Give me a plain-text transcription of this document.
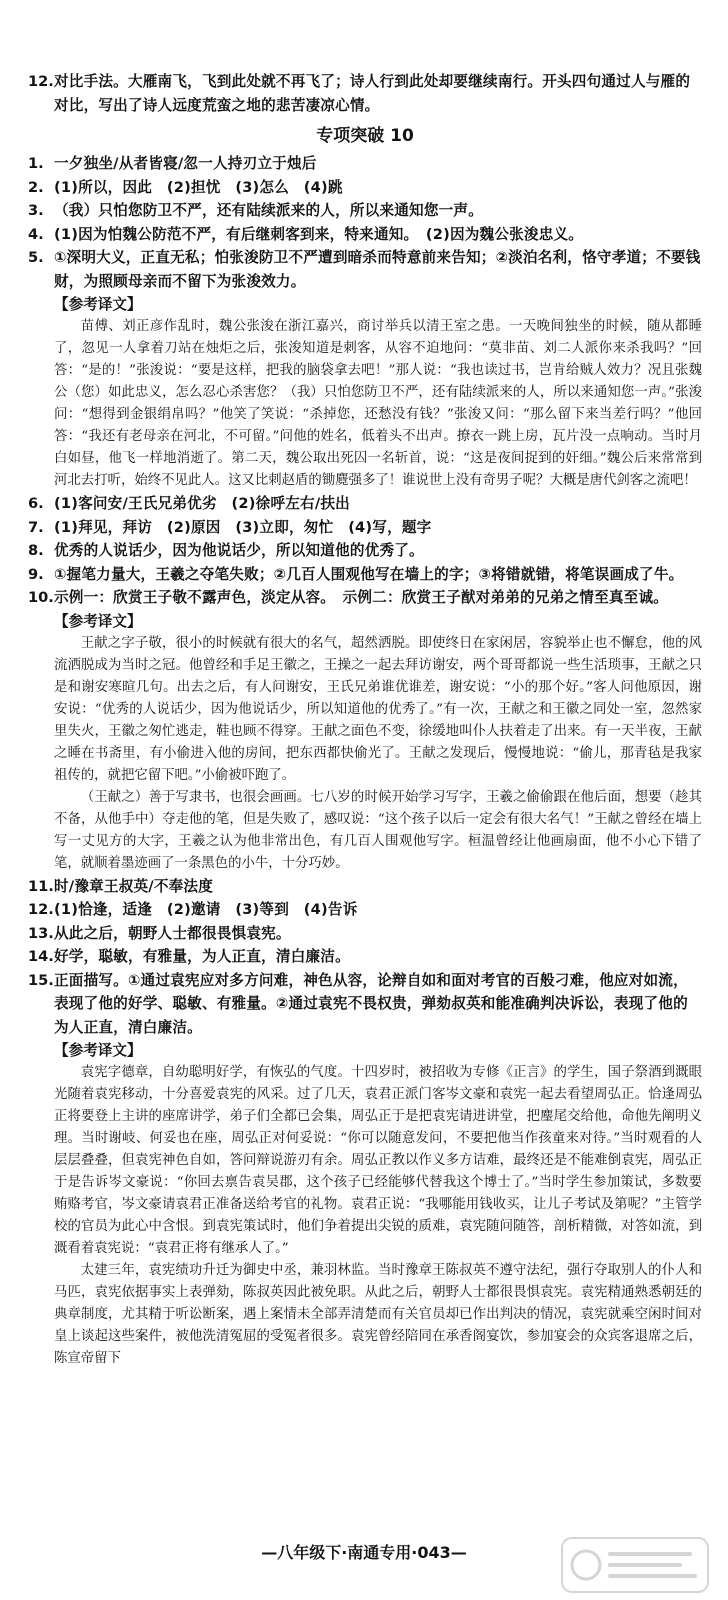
12. 对比手法。大雁南飞，飞到此处就不再飞了；诗人行到此处却要继续南行。开头四句通过人与雁的对比，写出了诗人远度荒蛮之地的悲苦凄凉心情。
专项突破 10
1. 一夕独坐/从者皆寝/忽一人持刃立于烛后
2. (1)所以，因此　(2)担忧　(3)怎么　(4)跳
3. （我）只怕您防卫不严，还有陆续派来的人，所以来通知您一声。
4. (1)因为怕魏公防范不严，有后继刺客到来，特来通知。　(2)因为魏公张浚忠义。
5. ①深明大义，正直无私；怕张浚防卫不严遭到暗杀而特意前来告知；②淡泊名利，恪守孝道；不要钱财，为照顾母亲而不留下为张浚效力。
【参考译文】

苗傅、刘正彦作乱时，魏公张浚在浙江嘉兴，商讨举兵以清王室之患。一天晚间独坐的时候，随从都睡了，忽见一人拿着刀站在烛炬之后，张浚知道是刺客，从容不迫地问：“莫非苗、刘二人派你来杀我吗？”回答：“是的！”张浚说：“要是这样，把我的脑袋拿去吧！”那人说：“我也读过书，岂肯给贼人效力？况且张魏公（您）如此忠义，怎么忍心杀害您？（我）只怕您防卫不严，还有陆续派来的人，所以来通知您一声。”张浚问：“想得到金银绢帛吗？”他笑了笑说：“杀掉您，还愁没有钱？”张浚又问：“那么留下来当差行吗？”他回答：“我还有老母亲在河北，不可留。”问他的姓名，低着头不出声。撩衣一跳上房，瓦片没一点响动。当时月白如昼，他飞一样地消逝了。第二天，魏公取出死囚一名斩首，说：“这是夜间捉到的奸细。”魏公后来常常到河北去打听，始终不见此人。这又比刺赵盾的锄麑强多了！谁说世上没有奇男子呢？大概是唐代剑客之流吧！

6. (1)客问安/王氏兄弟优劣　(2)徐呼左右/扶出
7. (1)拜见，拜访　(2)原因　(3)立即，匆忙　(4)写，题字
8. 优秀的人说话少，因为他说话少，所以知道他的优秀了。
9. ①握笔力量大，王羲之夺笔失败；②几百人围观他写在墙上的字；③将错就错，将笔误画成了牛。
10. 示例一：欣赏王子敬不露声色，淡定从容。　示例二：欣赏王子猷对弟弟的兄弟之情至真至诚。
【参考译文】

王献之字子敬，很小的时候就有很大的名气，超然洒脱。即使终日在家闲居，容貌举止也不懈怠，他的风流洒脱成为当时之冠。他曾经和手足王徽之，王操之一起去拜访谢安，两个哥哥都说一些生活琐事，王献之只是和谢安寒暄几句。出去之后，有人问谢安，王氏兄弟谁优谁差，谢安说：“小的那个好。”客人问他原因，谢安说：“优秀的人说话少，因为他说话少，所以知道他的优秀了。”有一次，王献之和王徽之同处一室，忽然家里失火，王徽之匆忙逃走，鞋也顾不得穿。王献之面色不变，徐缓地叫仆人扶着走了出来。有一天半夜，王献之睡在书斋里，有小偷进入他的房间，把东西都快偷光了。王献之发现后，慢慢地说：“偷儿，那青毡是我家祖传的，就把它留下吧。”小偷被吓跑了。

（王献之）善于写隶书，也很会画画。七八岁的时候开始学习写字，王羲之偷偷跟在他后面，想要（趁其不备，从他手中）夺走他的笔，但是失败了，感叹说：“这个孩子以后一定会有很大名气！”王献之曾经在墙上写一丈见方的大字，王羲之认为他非常出色，有几百人围观他写字。桓温曾经让他画扇面，他不小心下错了笔，就顺着墨迹画了一条黑色的小牛，十分巧妙。

11. 时/豫章王叔英/不奉法度
12. (1)恰逢，适逢　(2)邀请　(3)等到　(4)告诉
13. 从此之后，朝野人士都很畏惧袁宪。
14. 好学，聪敏，有雅量，为人正直，清白廉洁。
15. 正面描写。①通过袁宪应对多方问难，神色从容，论辩自如和面对考官的百般刁难，他应对如流，表现了他的好学、聪敏、有雅量。②通过袁宪不畏权贵，弹劾叔英和能准确判决诉讼，表现了他的为人正直，清白廉洁。
【参考译文】

袁宪字德章，自幼聪明好学，有恢弘的气度。十四岁时，被招收为专修《正言》的学生，国子祭酒到溉眼光随着袁宪移动，十分喜爱袁宪的风采。过了几天，袁君正派门客岑文豪和袁宪一起去看望周弘正。恰逢周弘正将要登上主讲的座席讲学，弟子们全都已会集，周弘正于是把袁宪请进讲堂，把麈尾交给他，命他先阐明义理。当时谢岐、何妥也在座，周弘正对何妥说：“你可以随意发问，不要把他当作孩童来对待。”当时观看的人层层叠叠，但袁宪神色自如，答问辩说游刃有余。周弘正教以作义多方诘难，最终还是不能难倒袁宪，周弘正于是告诉岑文豪说：“你回去禀告袁吴郡，这个孩子已经能够代替我这个博士了。”当时学生参加策试，多数要贿赂考官，岑文豪请袁君正准备送给考官的礼物。袁君正说：“我哪能用钱收买，让儿子考试及第呢？”主管学校的官员为此心中含恨。到袁宪策试时，他们争着提出尖锐的质难，袁宪随问随答，剖析精微，对答如流，到溉看着袁宪说：“袁君正将有继承人了。”

太建三年，袁宪绩功升迁为御史中丞，兼羽林监。当时豫章王陈叔英不遵守法纪，强行夺取别人的仆人和马匹，袁宪依据事实上表弹劾，陈叔英因此被免职。从此之后，朝野人士都很畏惧袁宪。袁宪精通熟悉朝廷的典章制度，尤其精于听讼断案，遇上案情未全部弄清楚而有关官员却已作出判决的情况，袁宪就乘空闲时间对皇上谈起这些案件，被他洗清冤屈的受冤者很多。袁宪曾经陪同在承香阁宴饮，参加宴会的众宾客退席之后，陈宣帝留下

—八年级下·南通专用·043—
